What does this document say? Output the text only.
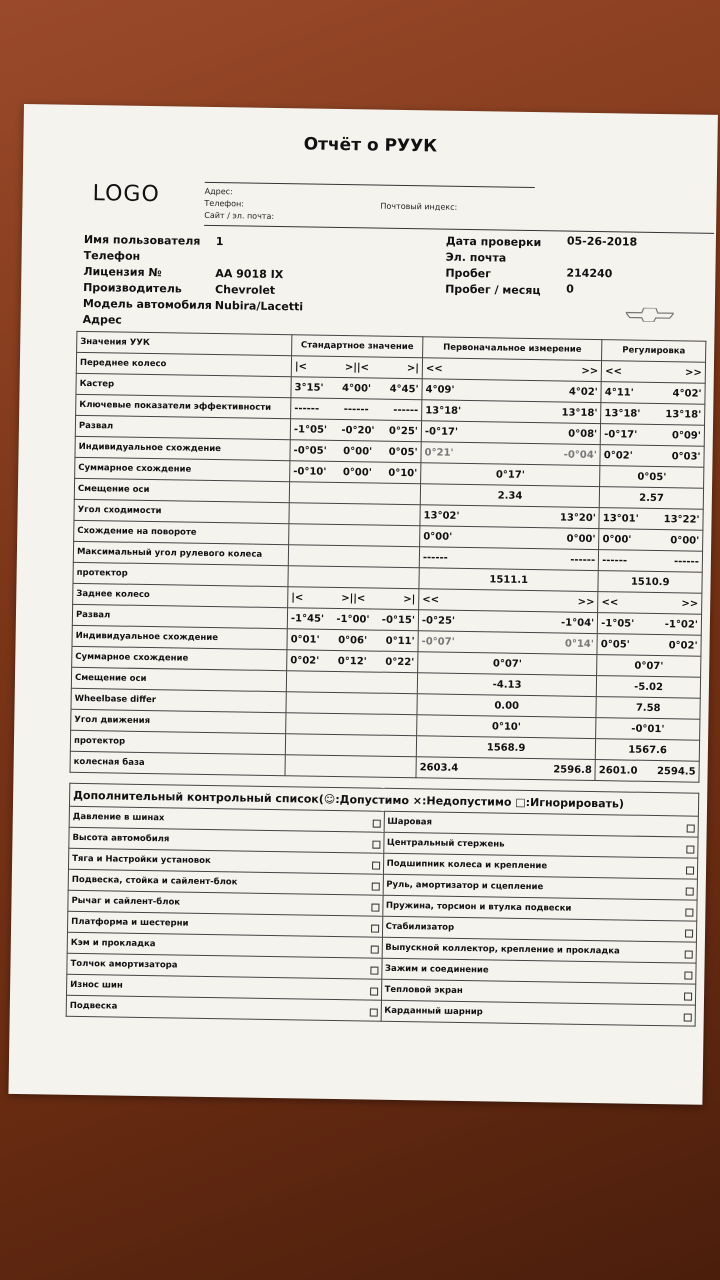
Отчёт о РУУК
LOGO	Адрес:
Телефон:
Сайт / эл. почта:
Почтовый индекс:
Имя пользователя 1
Телефон
Лицензия №	AA 9018 IX
Производитель	Chevrolet
Модель автомобиля Nubira/Lacetti
Адрес
Дата проверки 05-26-2018
Эл. почта
Пробег	214240
Пробег / месяц 0
Значения УУК	Стандартное значение	Первоначальное измерение	Регулировка
Переднее колесо	|< >||< >|	<< >>	<< >>

Кастер	3°15' 4°00' 4°45'	4°09' 4°02'	4°11' 4°02'

Ключевые показатели эффективности	------ ------ ------	13°18' 13°18'	13°18' 13°18'

Развал	-1°05' -0°20' 0°25'	-0°17' 0°08'	-0°17' 0°09'

Индивидуальное схождение	-0°05' 0°00' 0°05'	0°21' -0°04'	0°02' 0°03'

Суммарное схождение	-0°10' 0°00' 0°10'	0°17'	0°05'
Смещение оси		2.34	2.57
Угол сходимости		13°02' 13°20'	13°01' 13°22'

Схождение на повороте		0°00' 0°00'	0°00' 0°00'

Максимальный угол рулевого колеса		------ ------	------ ------

протектор		1511.1	1510.9
Заднее колесо	|< >||< >|	<< >>	<< >>

Развал	-1°45' -1°00' -0°15'	-0°25' -1°04'	-1°05' -1°02'

Индивидуальное схождение	0°01' 0°06' 0°11'	-0°07' 0°14'	0°05' 0°02'

Суммарное схождение	0°02' 0°12' 0°22'	0°07'	0°07'
Смещение оси		-4.13	-5.02
Wheelbase differ		0.00	7.58
Угол движения		0°10'	-0°01'
протектор		1568.9	1567.6
колесная база		2603.4 2596.8	2601.0 2594.5
Дополнительный контрольный список(☺:Допустимо ×:Недопустимо □:Игнорировать)	
Давление в шинах	Шаровая

Высота автомобиля	Центральный стержень

Тяга и Настройки установок	Подшипник колеса и крепление

Подвеска, стойка и сайлент-блок	Руль, амортизатор и сцепление

Рычаг и сайлент-блок	Пружина, торсион и втулка подвески

Платформа и шестерни	Стабилизатор

Кэм и прокладка	Выпускной коллектор, крепление и прокладка

Толчок амортизатора	Зажим и соединение

Износ шин	Тепловой экран

Подвеска	Карданный шарнир
